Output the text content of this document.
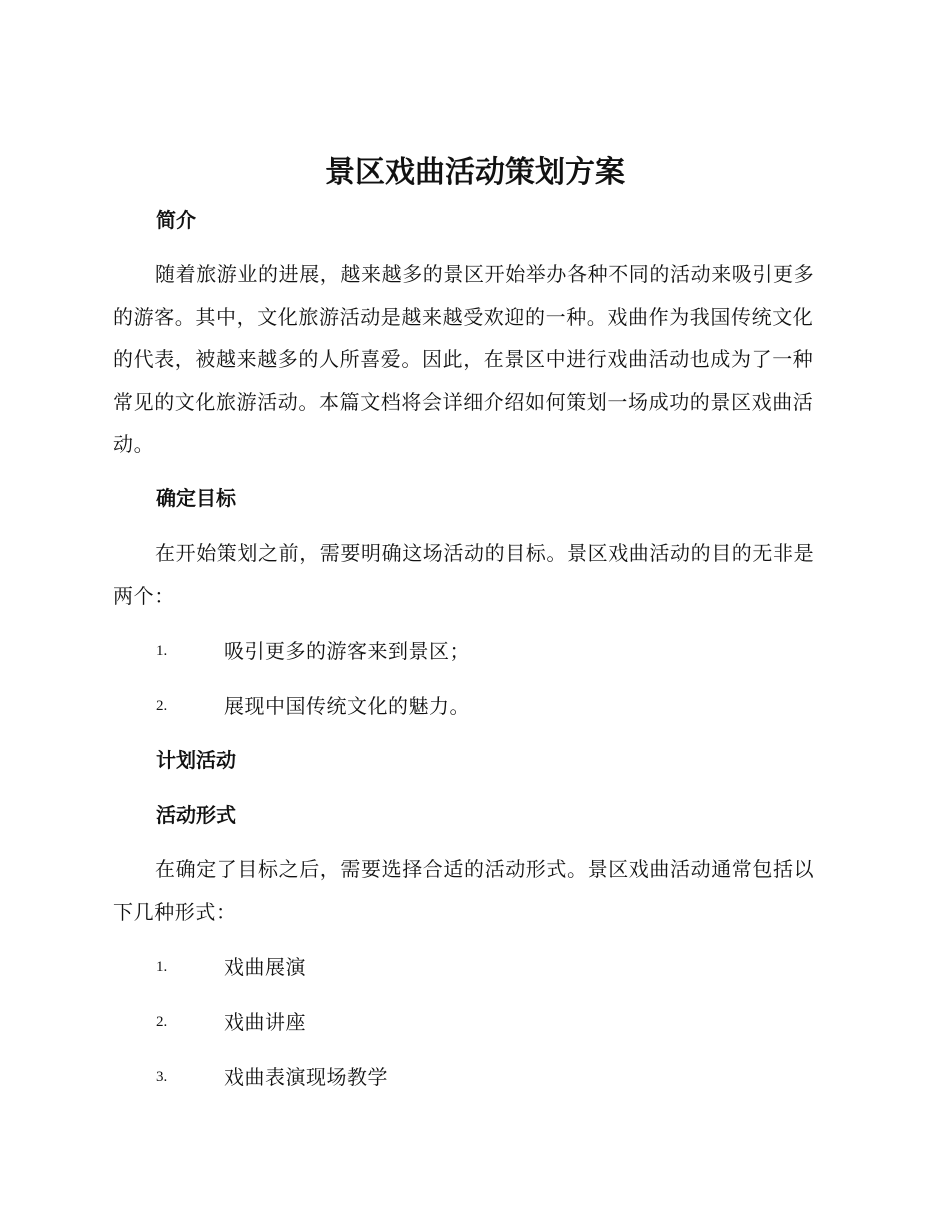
景区戏曲活动策划方案
简介

随着旅游业的进展，越来越多的景区开始举办各种不同的活动来吸引更多的游客。其中，文化旅游活动是越来越受欢迎的一种。戏曲作为我国传统文化的代表，被越来越多的人所喜爱。因此，在景区中进行戏曲活动也成为了一种常见的文化旅游活动。本篇文档将会详细介绍如何策划一场成功的景区戏曲活动。

确定目标

在开始策划之前，需要明确这场活动的目标。景区戏曲活动的目的无非是两个：

1.	吸引更多的游客来到景区；
2.	展现中国传统文化的魅力。
计划活动
活动形式

在确定了目标之后，需要选择合适的活动形式。景区戏曲活动通常包括以下几种形式：

1.	戏曲展演
2.	戏曲讲座
3.	戏曲表演现场教学
